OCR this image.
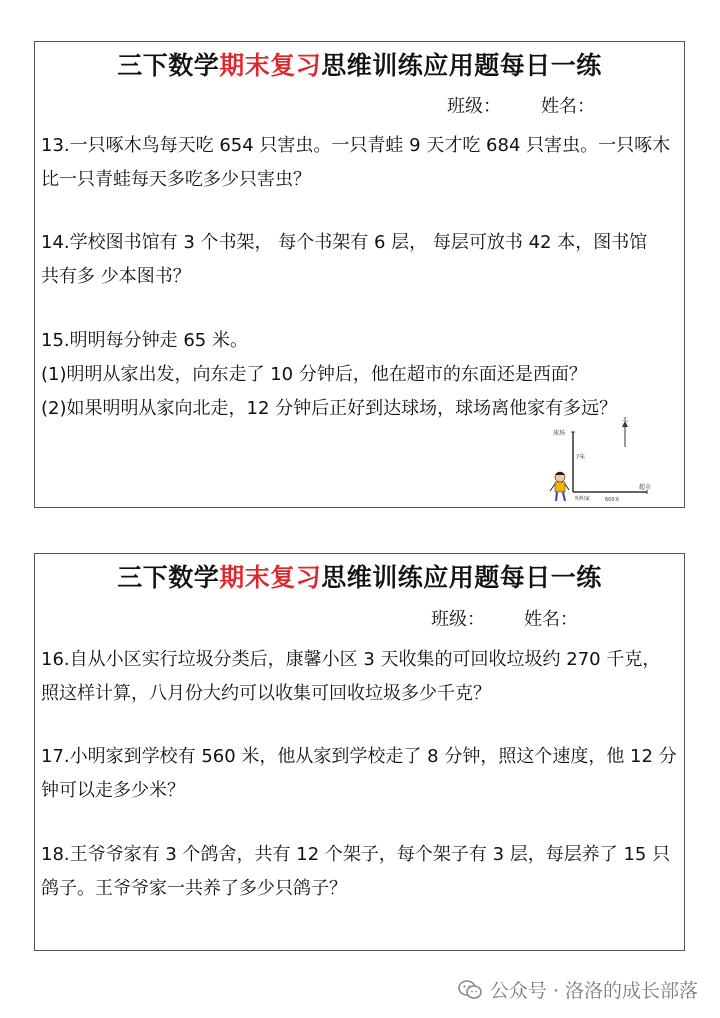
三下数学期末复习思维训练应用题每日一练
班级： 姓名：
13.一只啄木鸟每天吃 654 只害虫。一只青蛙 9 天才吃 684 只害虫。一只啄木
比一只青蛙每天多吃多少只害虫？
14.学校图书馆有 3 个书架， 每个书架有 6 层， 每层可放书 42 本，图书馆
共有多 少本图书？
15.明明每分钟走 65 米。
(1)明明从家出发，向东走了 10 分钟后，他在超市的东面还是西面？
(2)如果明明从家向北走，12 分钟后正好到达球场，球场离他家有多远？
北
球场
?米
超市
600米
明明家
三下数学期末复习思维训练应用题每日一练
班级： 姓名：
16.自从小区实行垃圾分类后，康馨小区 3 天收集的可回收垃圾约 270 千克，
照这样计算，八月份大约可以收集可回收垃圾多少千克？
17.小明家到学校有 560 米，他从家到学校走了 8 分钟，照这个速度，他 12 分
钟可以走多少米？
18.王爷爷家有 3 个鸽舍，共有 12 个架子，每个架子有 3 层，每层养了 15 只
鸽子。王爷爷家一共养了多少只鸽子？
公众号 · 洛洛的成长部落
